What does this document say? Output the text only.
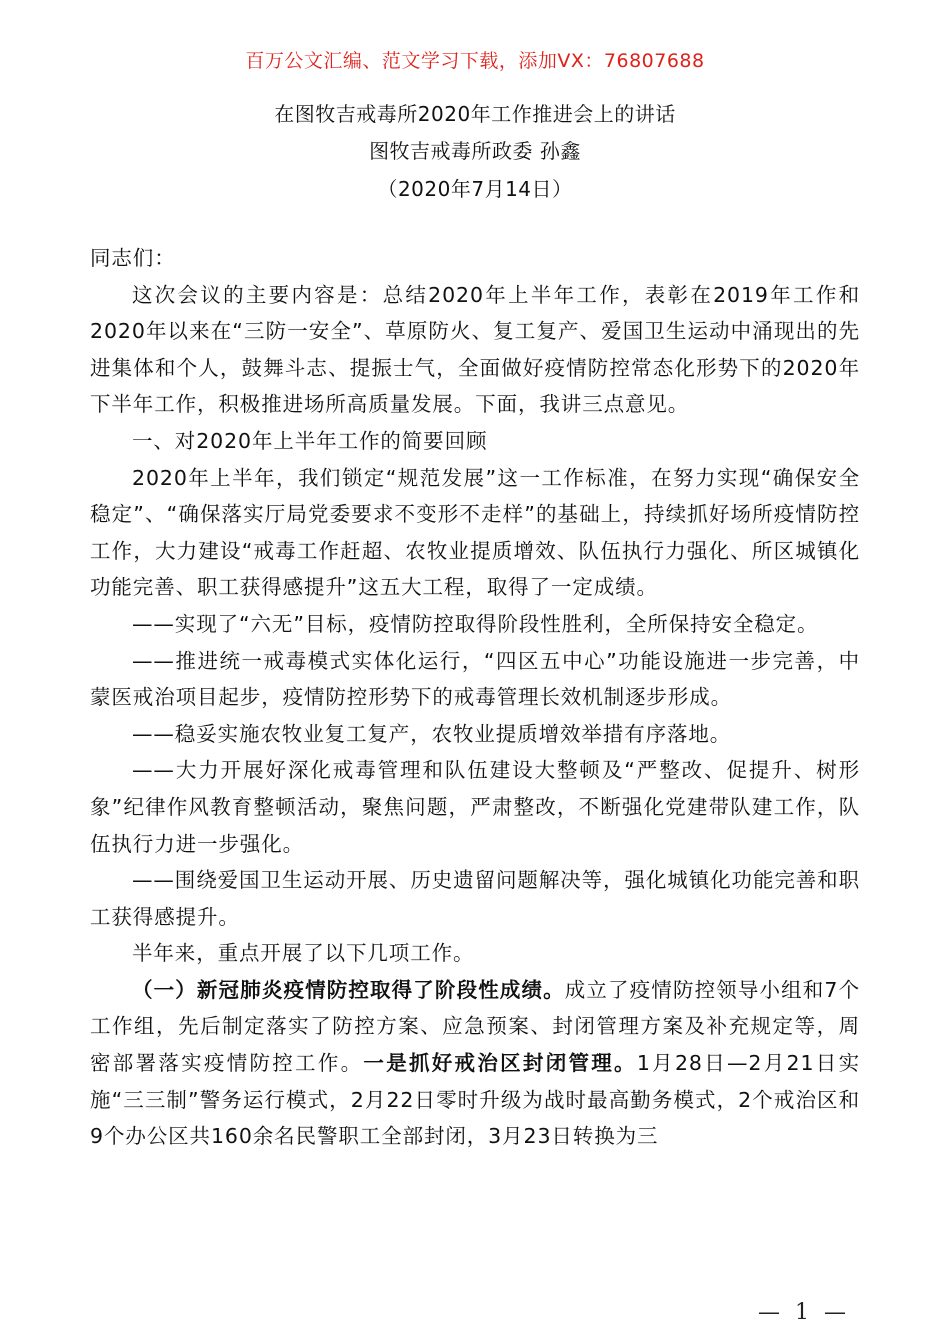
百万公文汇编、范文学习下载，添加VX：76807688
在图牧吉戒毒所2020年工作推进会上的讲话
图牧吉戒毒所政委 孙鑫
（2020年7月14日）

同志们：

这次会议的主要内容是：总结2020年上半年工作，表彰在2019年工作和2020年以来在“三防一安全”、草原防火、复工复产、爱国卫生运动中涌现出的先进集体和个人，鼓舞斗志、提振士气，全面做好疫情防控常态化形势下的2020年下半年工作，积极推进场所高质量发展。下面，我讲三点意见。

一、对2020年上半年工作的简要回顾

2020年上半年，我们锁定“规范发展”这一工作标准，在努力实现“确保安全稳定”、“确保落实厅局党委要求不变形不走样”的基础上，持续抓好场所疫情防控工作，大力建设“戒毒工作赶超、农牧业提质增效、队伍执行力强化、所区城镇化功能完善、职工获得感提升”这五大工程，取得了一定成绩。

——实现了“六无”目标，疫情防控取得阶段性胜利，全所保持安全稳定。

——推进统一戒毒模式实体化运行，“四区五中心”功能设施进一步完善，中蒙医戒治项目起步，疫情防控形势下的戒毒管理长效机制逐步形成。

——稳妥实施农牧业复工复产，农牧业提质增效举措有序落地。

——大力开展好深化戒毒管理和队伍建设大整顿及“严整改、促提升、树形象”纪律作风教育整顿活动，聚焦问题，严肃整改，不断强化党建带队建工作，队伍执行力进一步强化。

——围绕爱国卫生运动开展、历史遗留问题解决等，强化城镇化功能完善和职工获得感提升。

半年来，重点开展了以下几项工作。

（一）新冠肺炎疫情防控取得了阶段性成绩。成立了疫情防控领导小组和7个工作组，先后制定落实了防控方案、应急预案、封闭管理方案及补充规定等，周密部署落实疫情防控工作。一是抓好戒治区封闭管理。1月28日—2月21日实施“三三制”警务运行模式，2月22日零时升级为战时最高勤务模式，2个戒治区和9个办公区共160余名民警职工全部封闭，3月23日转换为三

— 1 —
